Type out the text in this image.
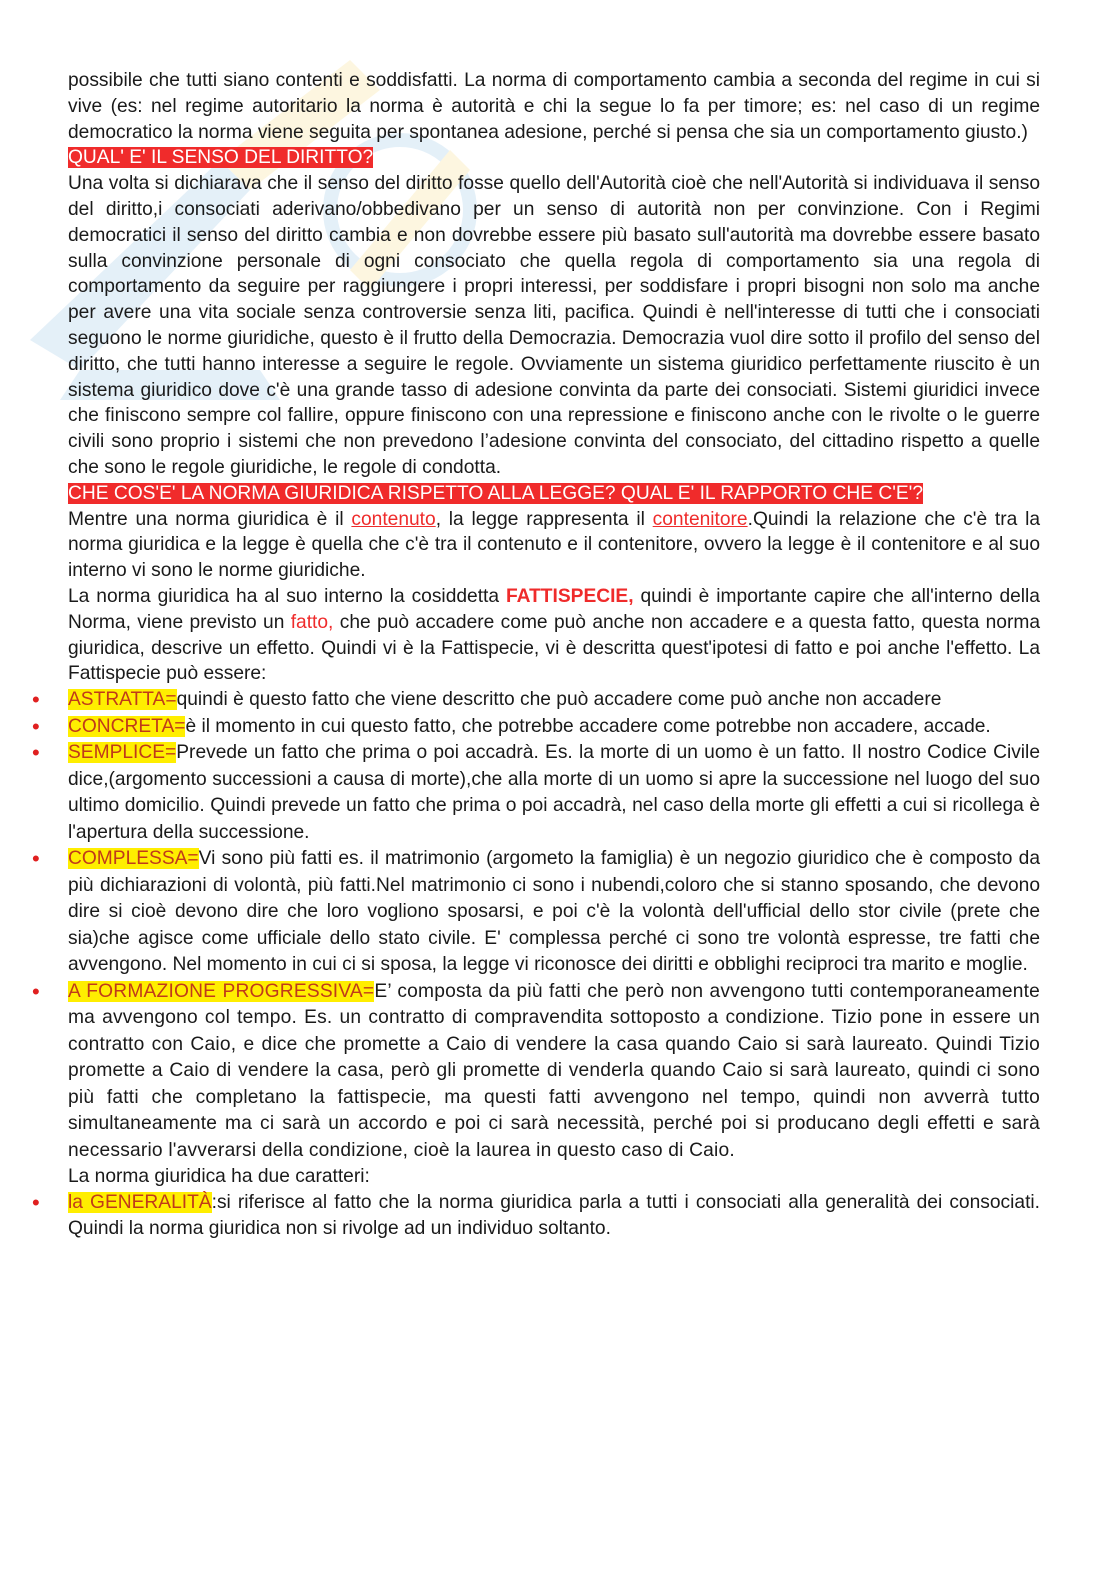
possibile che tutti siano contenti e soddisfatti. La norma di comportamento cambia a seconda del regime in cui si vive (es: nel regime autoritario la norma è autorità e chi la segue lo fa per timore; es: nel caso di un regime democratico la norma viene seguita per spontanea adesione, perché si pensa che sia un comportamento giusto.)

QUAL' E' IL SENSO DEL DIRITTO?

Una volta si dichiarava che il senso del diritto fosse quello dell'Autorità cioè che nell'Autorità si individuava il senso del diritto,i consociati aderivano/obbedivano per un senso di autorità non per convinzione. Con i Regimi democratici il senso del diritto cambia e non dovrebbe essere più basato sull'autorità ma dovrebbe essere basato sulla convinzione personale di ogni consociato che quella regola di comportamento sia una regola di comportamento da seguire per raggiungere i propri interessi, per soddisfare i propri bisogni non solo ma anche per avere una vita sociale senza controversie senza liti, pacifica. Quindi è nell'interesse di tutti che i consociati seguono le norme giuridiche, questo è il frutto della Democrazia. Democrazia vuol dire sotto il profilo del senso del diritto, che tutti hanno interesse a seguire le regole. Ovviamente un sistema giuridico perfettamente riuscito è un sistema giuridico dove c'è una grande tasso di adesione convinta da parte dei consociati. Sistemi giuridici invece che finiscono sempre col fallire, oppure finiscono con una repressione e finiscono anche con le rivolte o le guerre civili sono proprio i sistemi che non prevedono l’adesione convinta del consociato, del cittadino rispetto a quelle che sono le regole giuridiche, le regole di condotta.

CHE COS'E' LA NORMA GIURIDICA RISPETTO ALLA LEGGE? QUAL E' IL RAPPORTO CHE C'E'?

Mentre una norma giuridica è il contenuto, la legge rappresenta il contenitore.Quindi la relazione che c'è tra la norma giuridica e la legge è quella che c'è tra il contenuto e il contenitore, ovvero la legge è il contenitore e al suo interno vi sono le norme giuridiche.

La norma giuridica ha al suo interno la cosiddetta FATTISPECIE, quindi è importante capire che all'interno della Norma, viene previsto un fatto, che può accadere come può anche non accadere e a questa fatto, questa norma giuridica, descrive un effetto. Quindi vi è la Fattispecie, vi è descritta quest'ipotesi di fatto e poi anche l'effetto. La Fattispecie può essere:

• ASTRATTA=quindi è questo fatto che viene descritto che può accadere come può anche non accadere
• CONCRETA=è il momento in cui questo fatto, che potrebbe accadere come potrebbe non accadere, accade.
• SEMPLICE=Prevede un fatto che prima o poi accadrà. Es. la morte di un uomo è un fatto. Il nostro Codice Civile dice,(argomento successioni a causa di morte),che alla morte di un uomo si apre la successione nel luogo del suo ultimo domicilio. Quindi prevede un fatto che prima o poi accadrà, nel caso della morte gli effetti a cui si ricollega è l'apertura della successione.
• COMPLESSA=Vi sono più fatti es. il matrimonio (argometo la famiglia) è un negozio giuridico che è composto da più dichiarazioni di volontà, più fatti.Nel matrimonio ci sono i nubendi,coloro che si stanno sposando, che devono dire si cioè devono dire che loro vogliono sposarsi, e poi c'è la volontà dell'ufficial dello stor civile (prete che sia)che agisce come ufficiale dello stato civile. E' complessa perché ci sono tre volontà espresse, tre fatti che avvengono. Nel momento in cui ci si sposa, la legge vi riconosce dei diritti e obblighi reciproci tra marito e moglie.
• A FORMAZIONE PROGRESSIVA=E’ composta da più fatti che però non avvengono tutti contemporaneamente ma avvengono col tempo. Es. un contratto di compravendita sottoposto a condizione. Tizio pone in essere un contratto con Caio, e dice che promette a Caio di vendere la casa quando Caio si sarà laureato. Quindi Tizio promette a Caio di vendere la casa, però gli promette di venderla quando Caio si sarà laureato, quindi ci sono più fatti che completano la fattispecie, ma questi fatti avvengono nel tempo, quindi non avverrà tutto simultaneamente ma ci sarà un accordo e poi ci sarà necessità, perché poi si producano degli effetti e sarà necessario l'avverarsi della condizione, cioè la laurea in questo caso di Caio.

La norma giuridica ha due caratteri:

• la GENERALITÀ:si riferisce al fatto che la norma giuridica parla a tutti i consociati alla generalità dei consociati. Quindi la norma giuridica non si rivolge ad un individuo soltanto.
